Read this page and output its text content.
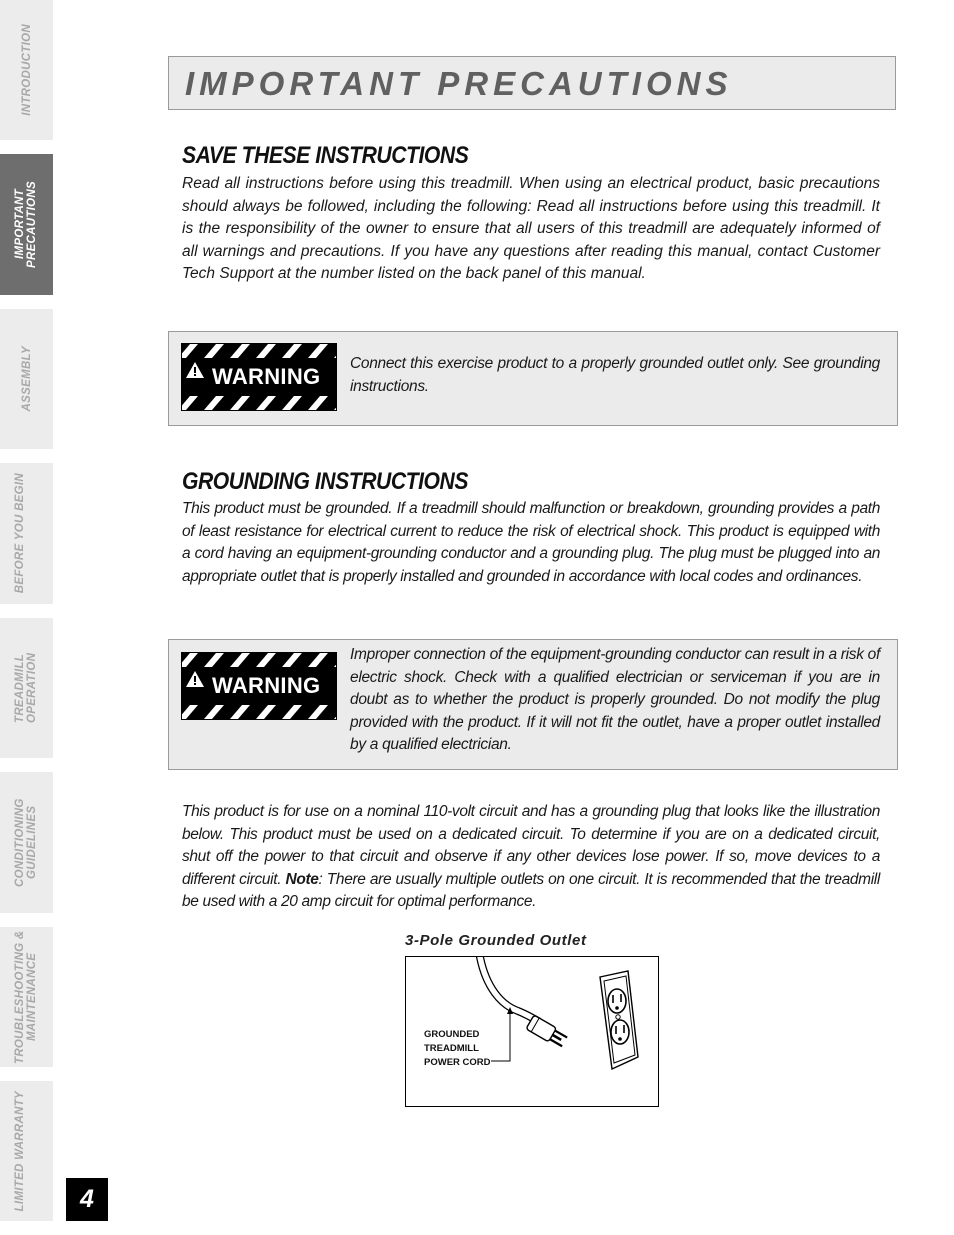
INTRODUCTION
IMPORTANT PRECAUTIONS
ASSEMBLY
BEFORE YOU BEGIN
TREADMILL OPERATION
CONDITIONING GUIDELINES
TROUBLESHOOTING & MAINTENANCE
LIMITED WARRANTY	4
IMPORTANT PRECAUTIONS
SAVE THESE INSTRUCTIONS

Read all instructions before using this treadmill. When using an electrical product, basic precautions should always be followed, including the following: Read all instructions before using this treadmill. It is the responsibility of the owner to ensure that all users of this treadmill are adequately informed of all warnings and precautions. If you have any questions after reading this manual, contact Customer Tech Support at the number listed on the back panel of this manual.

WARNING
Connect this exercise product to a properly grounded outlet only. See grounding instructions.
GROUNDING INSTRUCTIONS

This product must be grounded. If a treadmill should malfunction or breakdown, grounding provides a path of least resistance for electrical current to reduce the risk of electrical shock. This product is equipped with a cord having an equipment-grounding conductor and a grounding plug. The plug must be plugged into an appropriate outlet that is properly installed and grounded in accordance with local codes and ordinances.

WARNING
Improper connection of the equipment-grounding conductor can result in a risk of electric shock. Check with a qualified electrician or serviceman if you are in doubt as to whether the product is properly grounded. Do not modify the plug provided with the product. If it will not fit the outlet, have a proper outlet installed by a qualified electrician.

This product is for use on a nominal 110-volt circuit and has a grounding plug that looks like the illustration below. This product must be used on a dedicated circuit. To determine if you are on a dedicated circuit, shut off the power to that circuit and observe if any other devices lose power. If so, move devices to a different circuit. Note: There are usually multiple outlets on one circuit. It is recommended that the treadmill be used with a 20 amp circuit for optimal performance.

3-Pole Grounded Outlet
GROUNDED
TREADMILL
POWER CORD
